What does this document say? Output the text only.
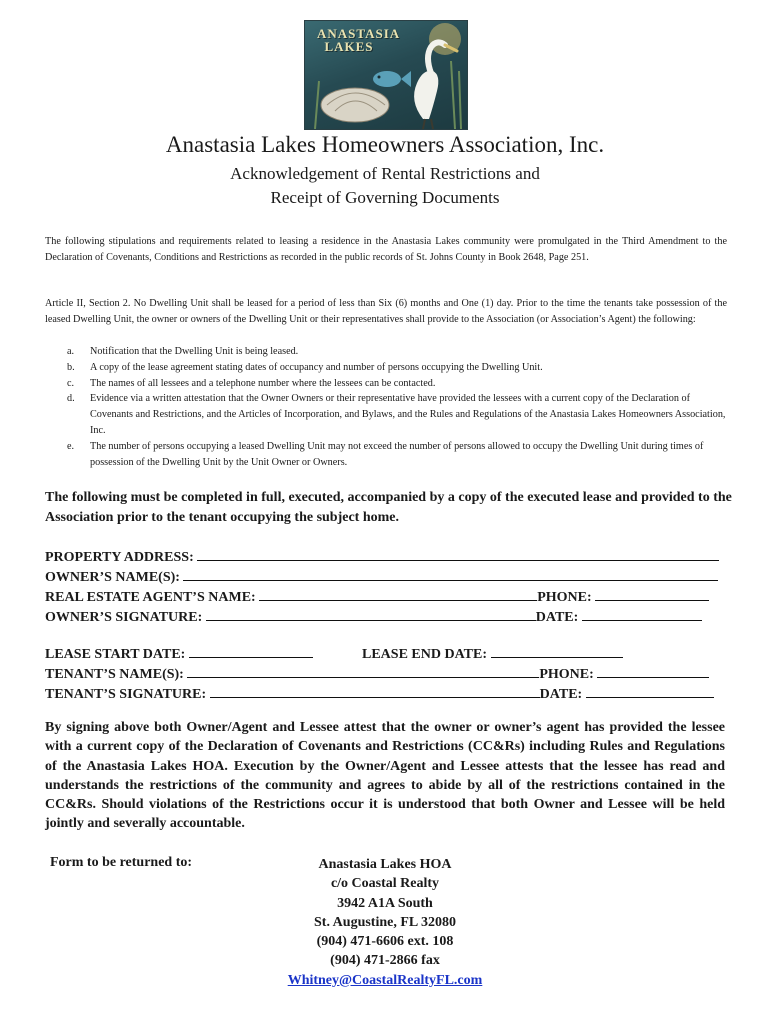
ANASTASIA
LAKES
Anastasia Lakes Homeowners Association, Inc.
Acknowledgement of Rental Restrictions and
Receipt of Governing Documents
The following stipulations and requirements related to leasing a residence in the Anastasia Lakes community were promulgated in the Third Amendment to the Declaration of Covenants, Conditions and Restrictions as recorded in the public records of St. Johns County in Book 2648, Page 251.
Article II, Section 2. No Dwelling Unit shall be leased for a period of less than Six (6) months and One (1) day. Prior to the time the tenants take possession of the leased Dwelling Unit, the owner or owners of the Dwelling Unit or their representatives shall provide to the Association (or Association’s Agent) the following:
a. Notification that the Dwelling Unit is being leased.
b. A copy of the lease agreement stating dates of occupancy and number of persons occupying the Dwelling Unit.
c. The names of all lessees and a telephone number where the lessees can be contacted.
d. Evidence via a written attestation that the Owner Owners or their representative have provided the lessees with a current copy of the Declaration of Covenants and Restrictions, and the Articles of Incorporation, and Bylaws, and the Rules and Regulations of the Anastasia Lakes Homeowners Association, Inc.
e. The number of persons occupying a leased Dwelling Unit may not exceed the number of persons allowed to occupy the Dwelling Unit during times of possession of the Dwelling Unit by the Unit Owner or Owners.
The following must be completed in full, executed, accompanied by a copy of the executed lease and provided to the Association prior to the tenant occupying the subject home.
PROPERTY ADDRESS:
OWNER’S NAME(S):
REAL ESTATE AGENT’S NAME:	PHONE:
OWNER’S SIGNATURE:	DATE:
LEASE START DATE:	LEASE END DATE:
TENANT’S NAME(S):	PHONE:
TENANT’S SIGNATURE:	DATE:
By signing above both Owner/Agent and Lessee attest that the owner or owner’s agent has provided the lessee with a current copy of the Declaration of Covenants and Restrictions (CC&Rs) including Rules and Regulations of the Anastasia Lakes HOA. Execution by the Owner/Agent and Lessee attests that the lessee has read and understands the restrictions of the community and agrees to abide by all of the restrictions contained in the CC&Rs. Should violations of the Restrictions occur it is understood that both Owner and Lessee will be held jointly and severally accountable.
Form to be returned to:	Anastasia Lakes HOA
c/o Coastal Realty
3942 A1A South
St. Augustine, FL 32080
(904) 471-6606 ext. 108
(904) 471-2866 fax
Whitney@CoastalRealtyFL.com
